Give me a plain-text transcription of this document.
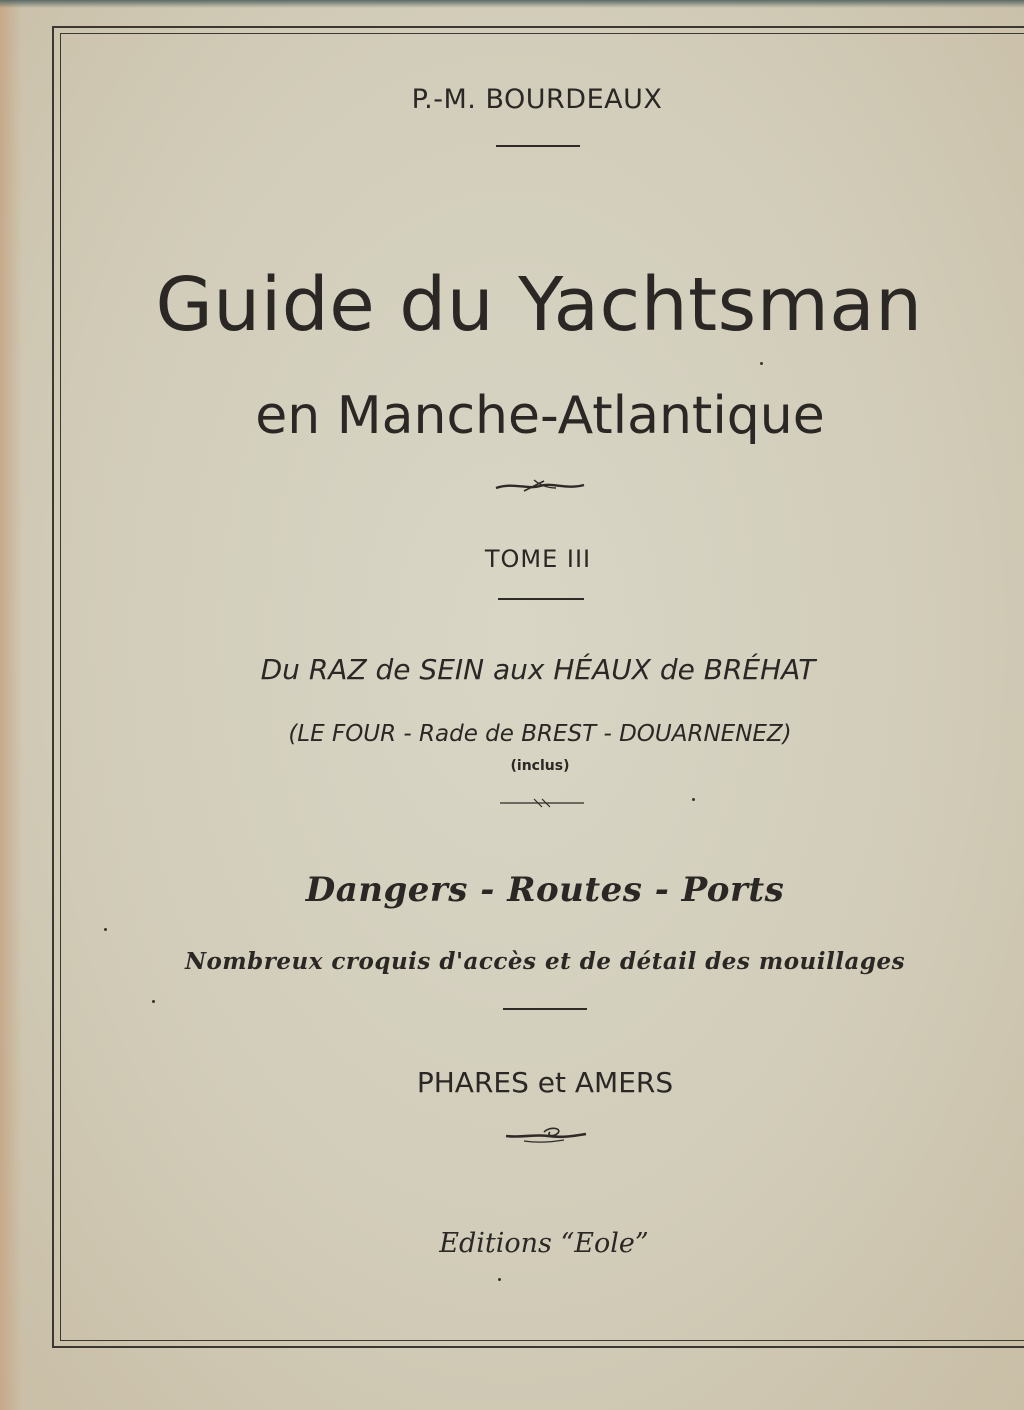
P.-M. BOURDEAUX
Guide du Yachtsman
en Manche-Atlantique
TOME III
Du RAZ de SEIN aux HÉAUX de BRÉHAT
(LE FOUR - Rade de BREST - DOUARNENEZ)
(inclus)
Dangers - Routes - Ports
Nombreux croquis d'accès et de détail des mouillages
PHARES et AMERS
Editions “Eole”
